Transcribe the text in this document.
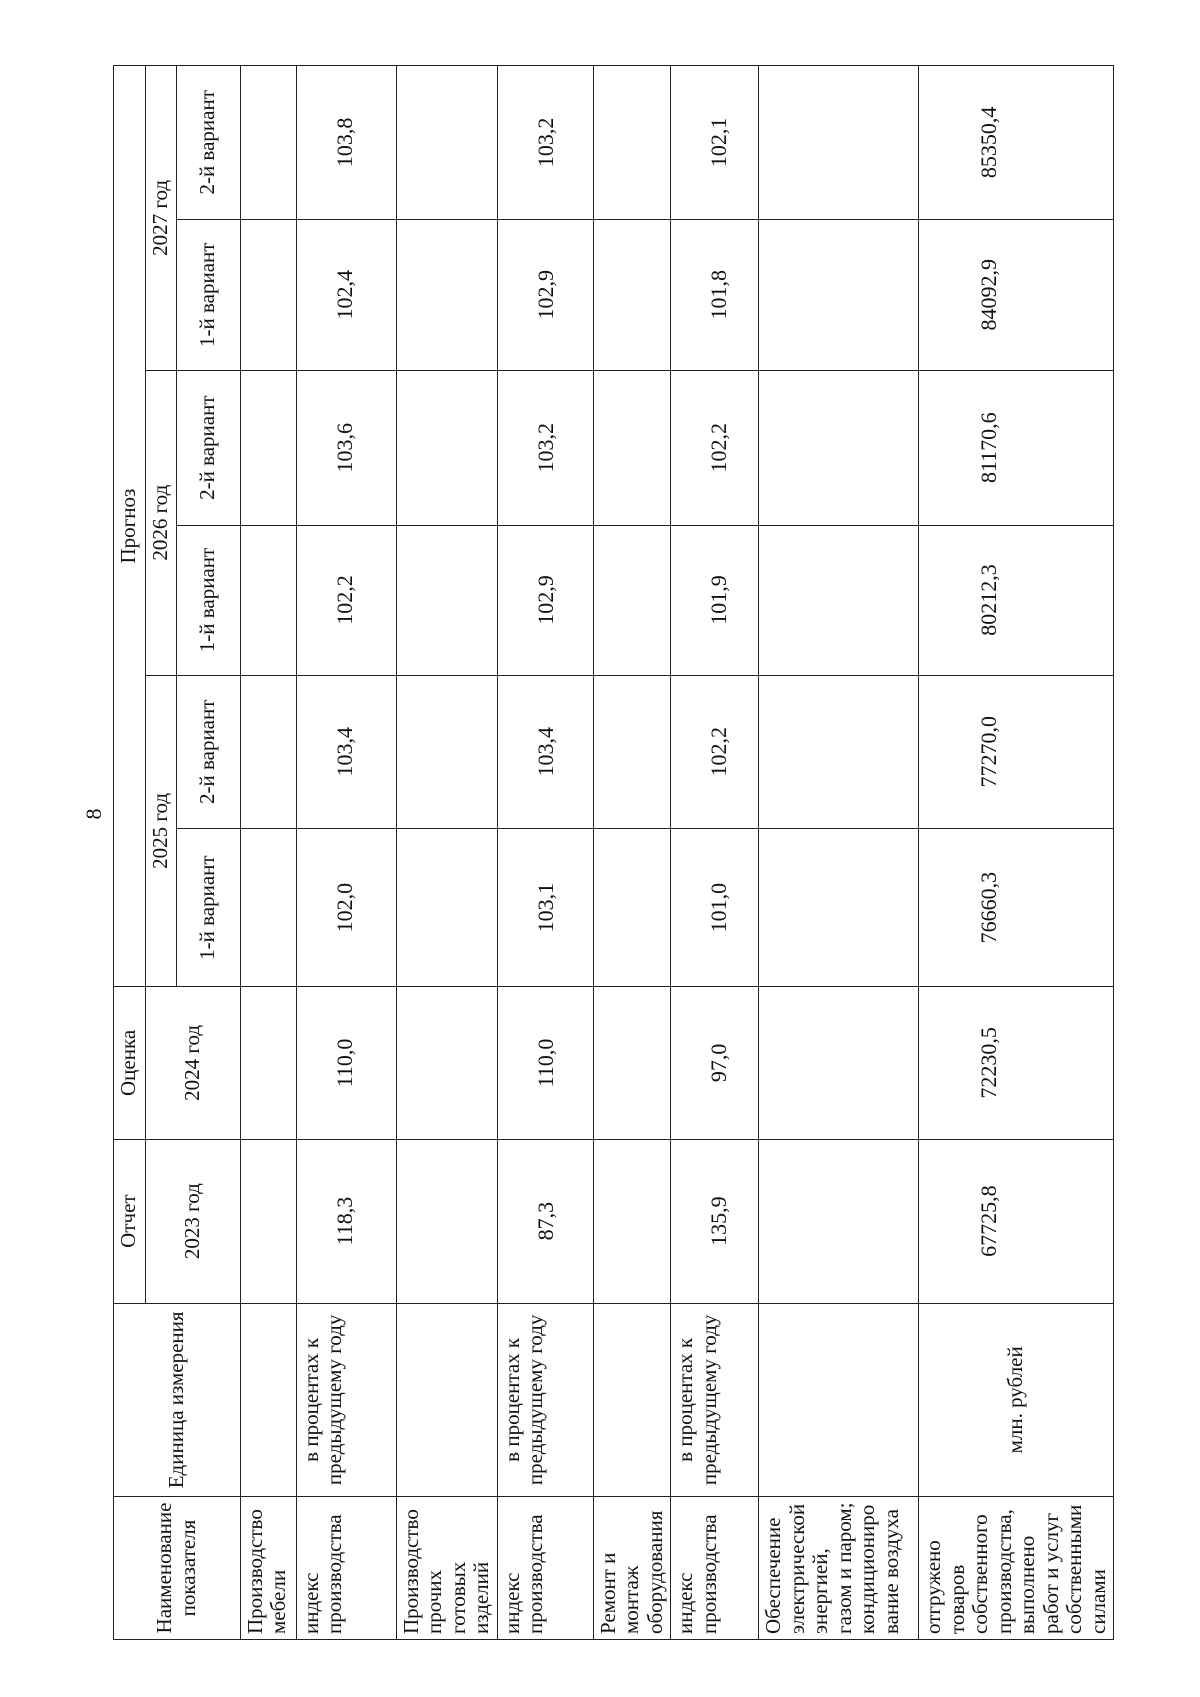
8
Наименование показателя	Единица измерения	Отчет	Оценка	Прогноз					
		2023 год	2024 год	2025 год		2026 год		2027 год	
				1-й вариант	2-й вариант	1-й вариант	2-й вариант	1-й вариант	2-й вариант
Производство мебели									
индекс производства	в процентах к предыдущему году	118,3	110,0	102,0	103,4	102,2	103,6	102,4	103,8
Производство прочих готовых изделий									
индекс производства	в процентах к предыдущему году	87,3	110,0	103,1	103,4	102,9	103,2	102,9	103,2
Ремонт и монтаж оборудования									
индекс производства	в процентах к предыдущему году	135,9	97,0	101,0	102,2	101,9	102,2	101,8	102,1
Обеспечение электрической энергией, газом и паром; кондиционирование воздуха									
отгружено товаров собственного производства, выполнено работ и услуг собственными силами	млн. рублей	67725,8	72230,5	76660,3	77270,0	80212,3	81170,6	84092,9	85350,4
